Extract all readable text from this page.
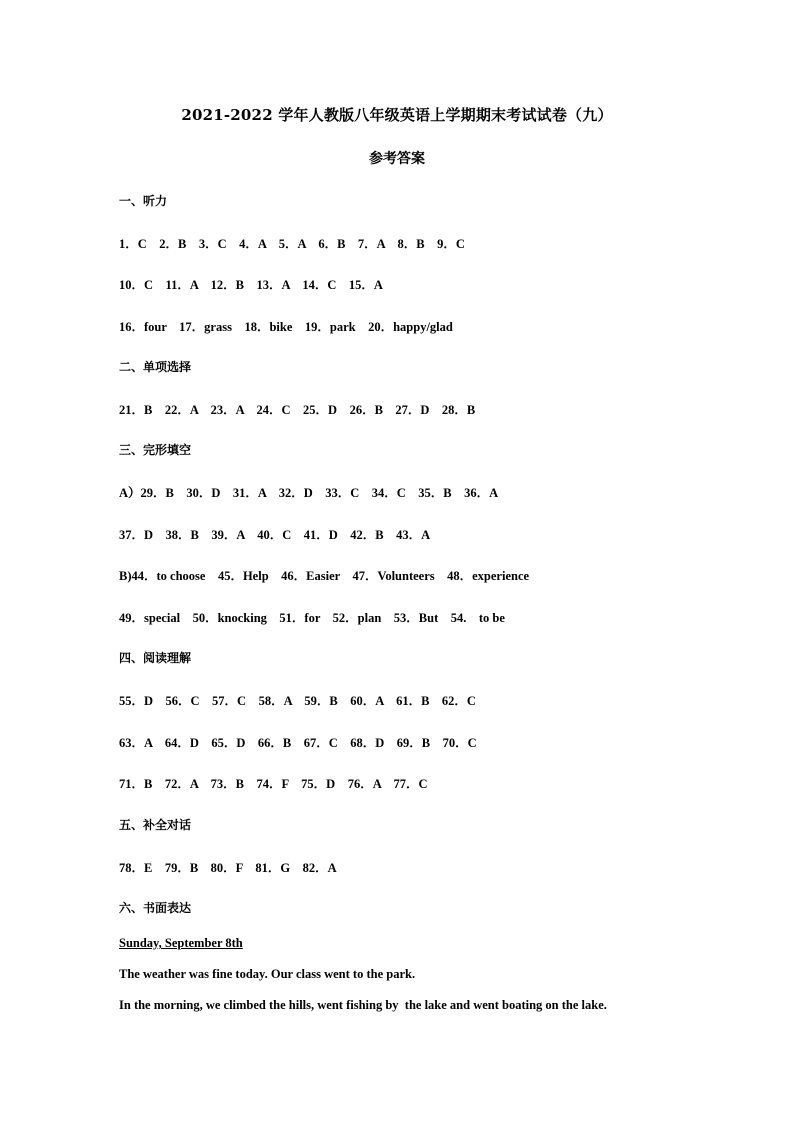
2021-2022 学年人教版八年级英语上学期期末考试试卷（九）
参考答案
一、听力
1．C    2．B    3．C    4．A    5．A    6．B    7．A    8．B    9．C
10．C    11．A    12．B    13．A    14．C    15．A
16．four    17．grass    18．bike    19．park    20．happy/glad
二、单项选择
21．B    22．A    23．A    24．C    25．D    26．B    27．D    28．B
三、完形填空
A）29．B    30．D    31．A    32．D    33．C    34．C    35．B    36．A
37．D    38．B    39．A    40．C    41．D    42．B    43．A
B)44．to choose    45．Help    46．Easier    47．Volunteers    48．experience
49．special    50．knocking    51．for    52．plan    53．But    54.    to be
四、阅读理解
55．D    56．C    57．C    58．A    59．B    60．A    61．B    62．C
63．A    64．D    65．D    66．B    67．C    68．D    69．B    70．C
71．B    72．A    73．B    74．F    75．D    76．A    77．C
五、补全对话
78．E    79．B    80．F    81．G    82．A
六、书面表达
Sunday, September 8th
The weather was fine today. Our class went to the park.
In the morning, we climbed the hills, went fishing by  the lake and went boating on the lake.
